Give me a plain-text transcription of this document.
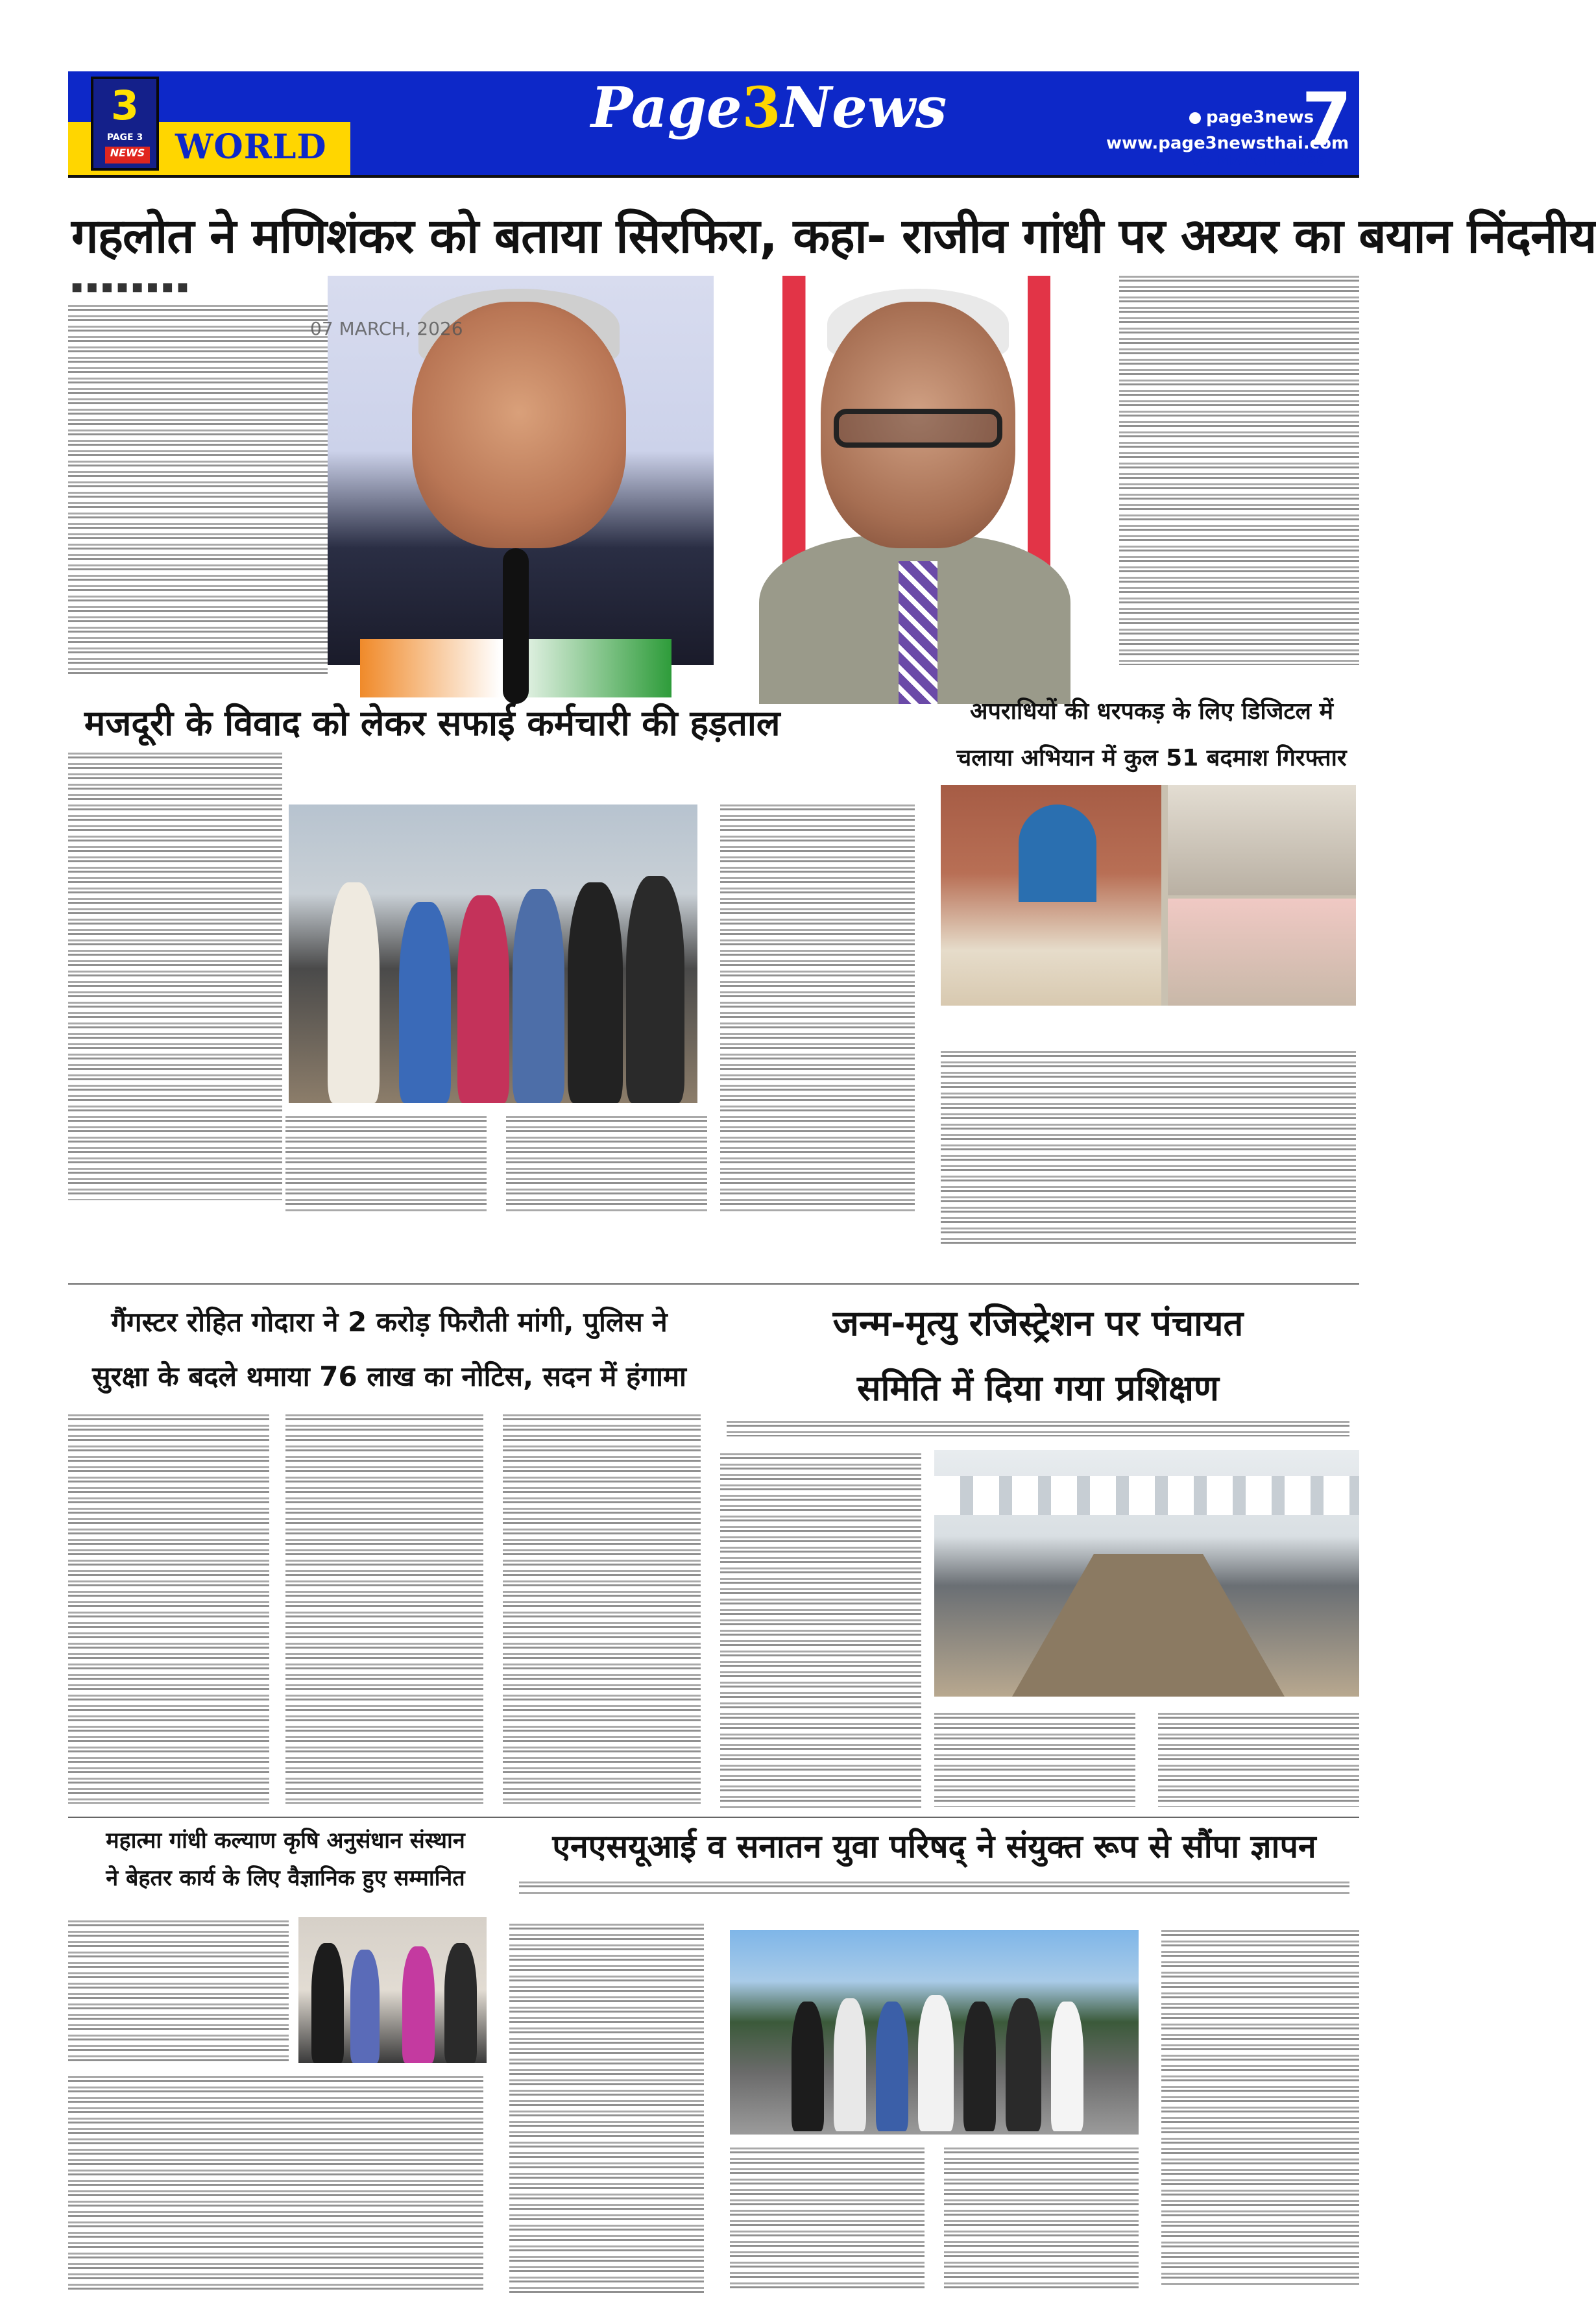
3
PAGE 3
NEWS WORLD
Page3News	page3news
www.page3newsthai.com
7
07 MARCH, 2026
गहलोत ने मणिशंकर को बताया सिरफिरा, कहा- राजीव गांधी पर अय्यर का बयान निंदनीय
■ ■ ■ ■ ■ ■ ■ ■
07 MARCH, 2026
मजदूरी के विवाद को लेकर सफाई कर्मचारी की हड़ताल	अपराधियों की धरपकड़ के लिए डिजिटल में
चलाया अभियान में कुल 51 बदमाश गिरफ्तार
गैंगस्टर रोहित गोदारा ने 2 करोड़ फिरौती मांगी, पुलिस ने
सुरक्षा के बदले थमाया 76 लाख का नोटिस, सदन में हंगामा
जन्म-मृत्यु रजिस्ट्रेशन पर पंचायत
समिति में दिया गया प्रशिक्षण
महात्मा गांधी कल्याण कृषि अनुसंधान संस्थान
ने बेहतर कार्य के लिए वैज्ञानिक हुए सम्मानित
एनएसयूआई व सनातन युवा परिषद् ने संयुक्त रूप से सौंपा ज्ञापन
